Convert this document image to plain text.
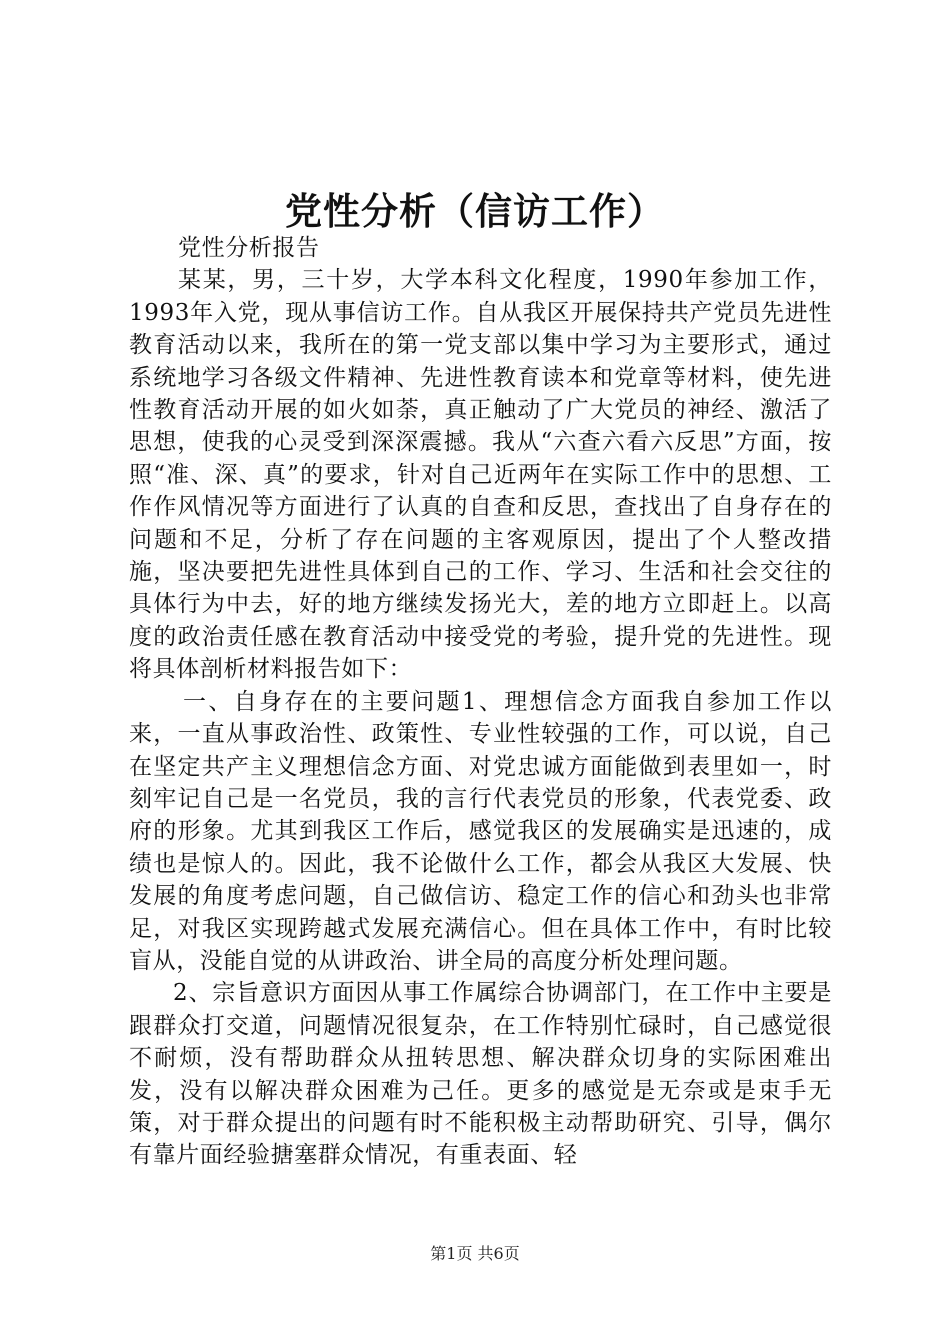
党性分析（信访工作）

党性分析报告

某某，男，三十岁，大学本科文化程度，1990年参加工作，1993年入党，现从事信访工作。自从我区开展保持共产党员先进性教育活动以来，我所在的第一党支部以集中学习为主要形式，通过系统地学习各级文件精神、先进性教育读本和党章等材料，使先进性教育活动开展的如火如荼，真正触动了广大党员的神经、激活了思想，使我的心灵受到深深震撼。我从“六查六看六反思”方面，按照“准、深、真”的要求，针对自己近两年在实际工作中的思想、工作作风情况等方面进行了认真的自查和反思，查找出了自身存在的问题和不足，分析了存在问题的主客观原因，提出了个人整改措施，坚决要把先进性具体到自己的工作、学习、生活和社会交往的具体行为中去，好的地方继续发扬光大，差的地方立即赶上。以高度的政治责任感在教育活动中接受党的考验，提升党的先进性。现将具体剖析材料报告如下：

一、自身存在的主要问题1、理想信念方面我自参加工作以来，一直从事政治性、政策性、专业性较强的工作，可以说，自己在坚定共产主义理想信念方面、对党忠诚方面能做到表里如一，时刻牢记自己是一名党员，我的言行代表党员的形象，代表党委、政府的形象。尤其到我区工作后，感觉我区的发展确实是迅速的，成绩也是惊人的。因此，我不论做什么工作，都会从我区大发展、快发展的角度考虑问题，自己做信访、稳定工作的信心和劲头也非常足，对我区实现跨越式发展充满信心。但在具体工作中，有时比较盲从，没能自觉的从讲政治、讲全局的高度分析处理问题。

2、宗旨意识方面因从事工作属综合协调部门，在工作中主要是跟群众打交道，问题情况很复杂，在工作特别忙碌时，自己感觉很不耐烦，没有帮助群众从扭转思想、解决群众切身的实际困难出发，没有以解决群众困难为己任。更多的感觉是无奈或是束手无策，对于群众提出的问题有时不能积极主动帮助研究、引导，偶尔有靠片面经验搪塞群众情况，有重表面、轻

第1页 共6页
